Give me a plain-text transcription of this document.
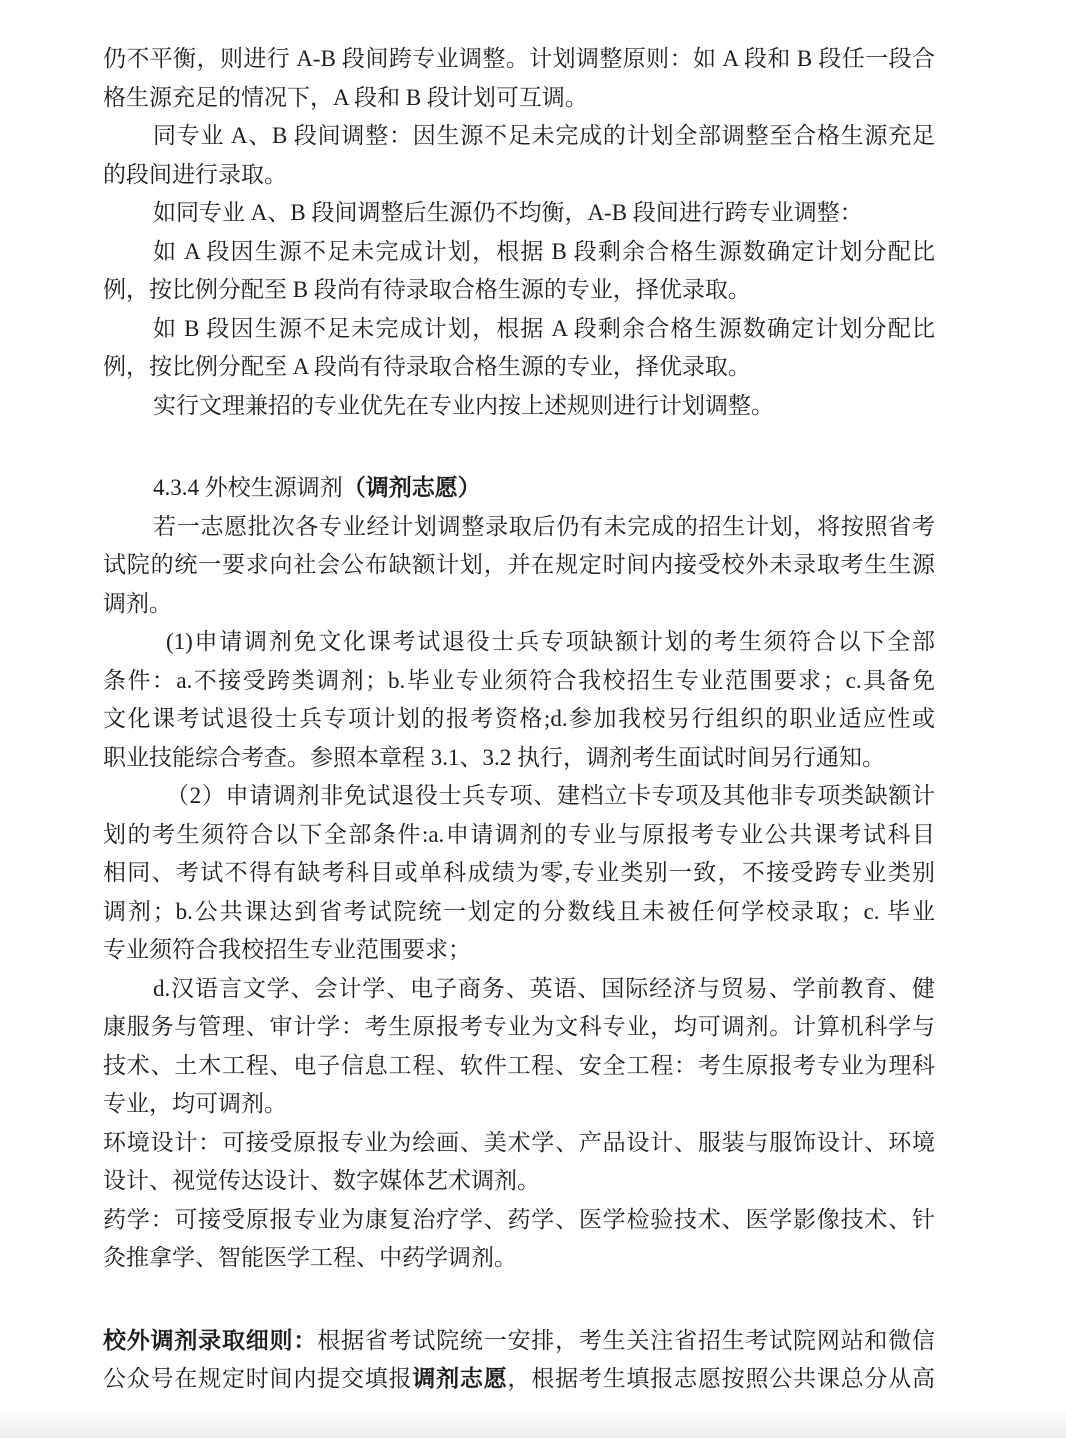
仍不平衡，则进行 A-B 段间跨专业调整。计划调整原则：如 A 段和 B 段任一段合
格生源充足的情况下，A 段和 B 段计划可互调。
同专业 A、B 段间调整：因生源不足未完成的计划全部调整至合格生源充足
的段间进行录取。
如同专业 A、B 段间调整后生源仍不均衡，A-B 段间进行跨专业调整：
如 A 段因生源不足未完成计划，根据 B 段剩余合格生源数确定计划分配比
例，按比例分配至 B 段尚有待录取合格生源的专业，择优录取。
如 B 段因生源不足未完成计划，根据 A 段剩余合格生源数确定计划分配比
例，按比例分配至 A 段尚有待录取合格生源的专业，择优录取。
实行文理兼招的专业优先在专业内按上述规则进行计划调整。
4.3.4 外校生源调剂（调剂志愿）
若一志愿批次各专业经计划调整录取后仍有未完成的招生计划，将按照省考
试院的统一要求向社会公布缺额计划，并在规定时间内接受校外未录取考生生源
调剂。
(1)申请调剂免文化课考试退役士兵专项缺额计划的考生须符合以下全部
条件：a.不接受跨类调剂；b.毕业专业须符合我校招生专业范围要求；c.具备免
文化课考试退役士兵专项计划的报考资格;d.参加我校另行组织的职业适应性或
职业技能综合考查。参照本章程 3.1、3.2 执行，调剂考生面试时间另行通知。
（2）申请调剂非免试退役士兵专项、建档立卡专项及其他非专项类缺额计
划的考生须符合以下全部条件:a.申请调剂的专业与原报考专业公共课考试科目
相同、考试不得有缺考科目或单科成绩为零,专业类别一致，不接受跨专业类别
调剂；b.公共课达到省考试院统一划定的分数线且未被任何学校录取；c. 毕业
专业须符合我校招生专业范围要求；
d.汉语言文学、会计学、电子商务、英语、国际经济与贸易、学前教育、健
康服务与管理、审计学：考生原报考专业为文科专业，均可调剂。计算机科学与
技术、土木工程、电子信息工程、软件工程、安全工程：考生原报考专业为理科
专业，均可调剂。
环境设计：可接受原报专业为绘画、美术学、产品设计、服装与服饰设计、环境
设计、视觉传达设计、数字媒体艺术调剂。
药学：可接受原报专业为康复治疗学、药学、医学检验技术、医学影像技术、针
灸推拿学、智能医学工程、中药学调剂。
校外调剂录取细则：根据省考试院统一安排，考生关注省招生考试院网站和微信
公众号在规定时间内提交填报调剂志愿，根据考生填报志愿按照公共课总分从高
